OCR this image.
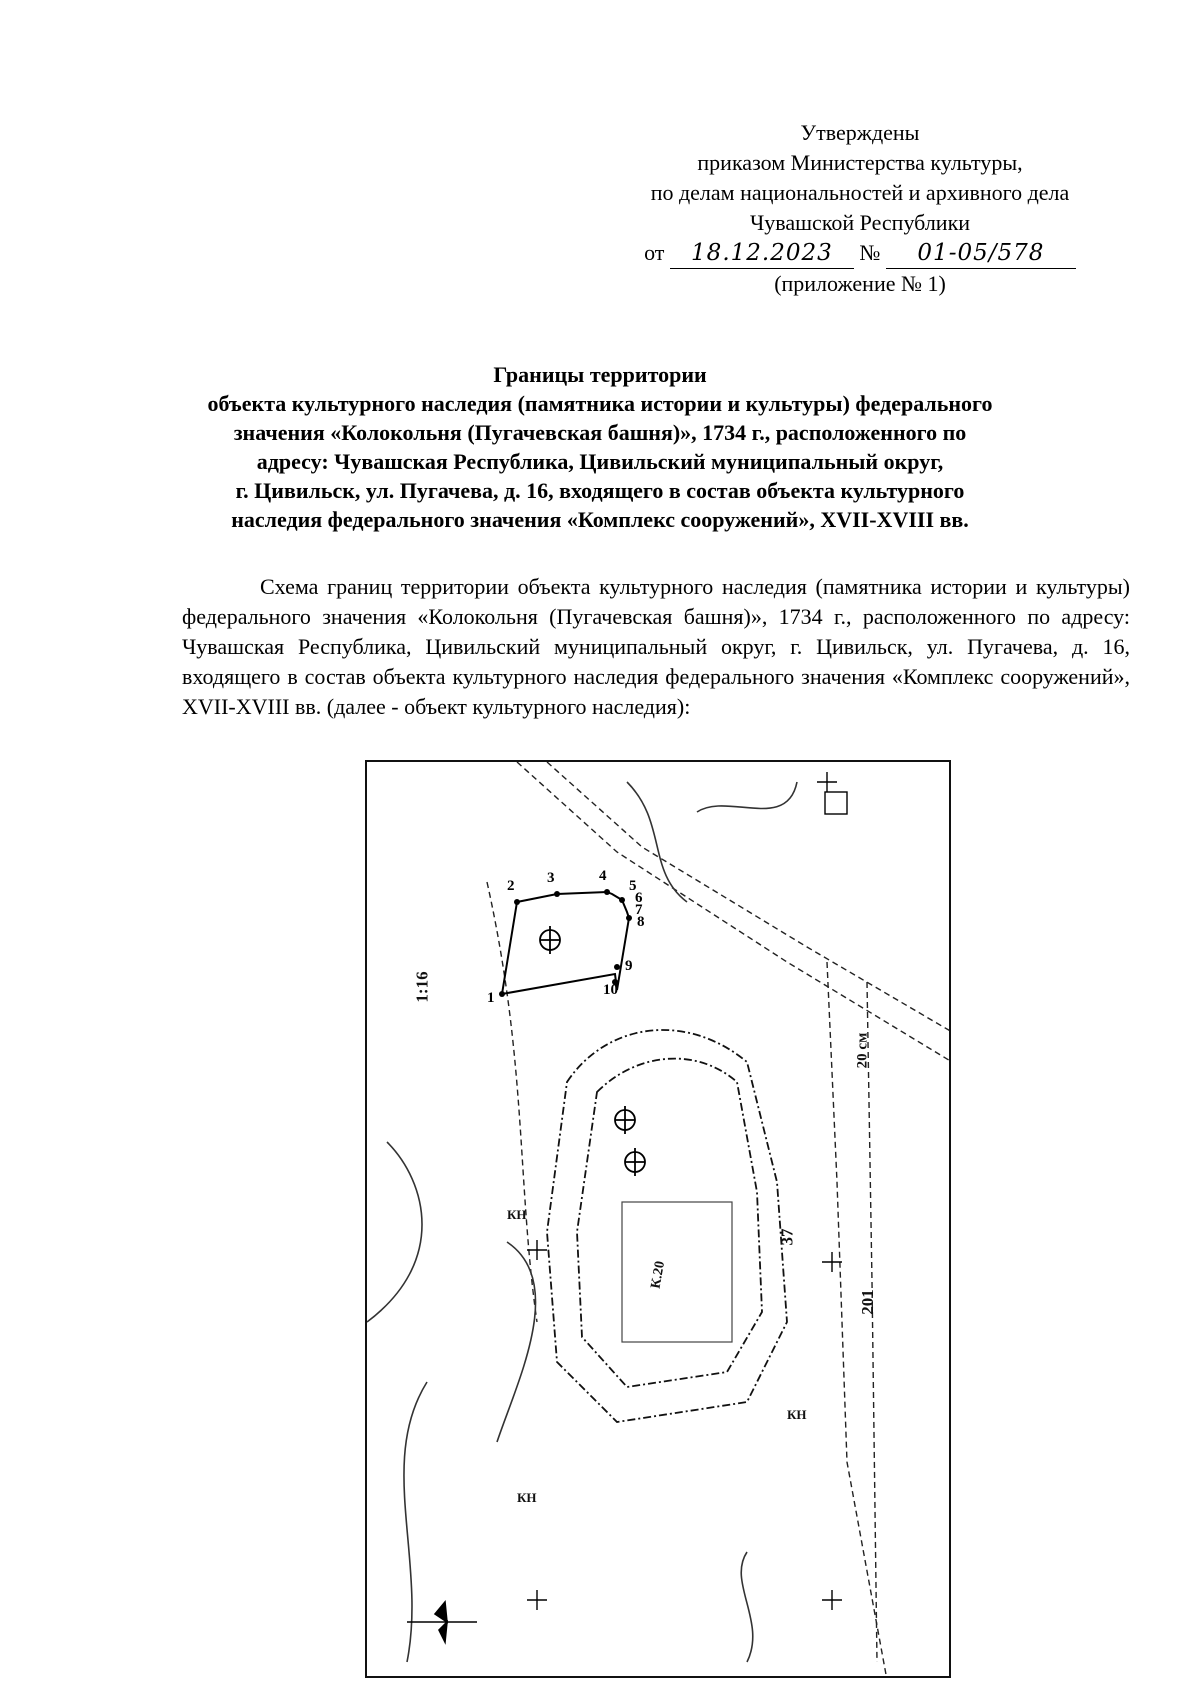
Утверждены
приказом Министерства культуры,
по делам национальностей и архивного дела
Чувашской Республики
от 18.12.2023 № 01-05/578
(приложение № 1)
Границы территории
объекта культурного наследия (памятника истории и культуры) федерального
значения «Колокольня (Пугачевская башня)», 1734 г., расположенного по
адресу: Чувашская Республика, Цивильский муниципальный округ,
г. Цивильск, ул. Пугачева, д. 16, входящего в состав объекта культурного
наследия федерального значения «Комплекс сооружений», XVII-XVIII вв.

Схема границ территории объекта культурного наследия (памятника истории и культуры) федерального значения «Колокольня (Пугачевская башня)», 1734 г., расположенного по адресу: Чувашская Республика, Цивильский муниципальный округ, г. Цивильск, ул. Пугачева, д. 16, входящего в состав объекта культурного наследия федерального значения «Комплекс сооружений», XVII-XVIII вв. (далее - объект культурного наследия):

1
2 3	4
5
6
7
8
9
10
1:16
20 см
37
201
КН
КН
КН
К.20
